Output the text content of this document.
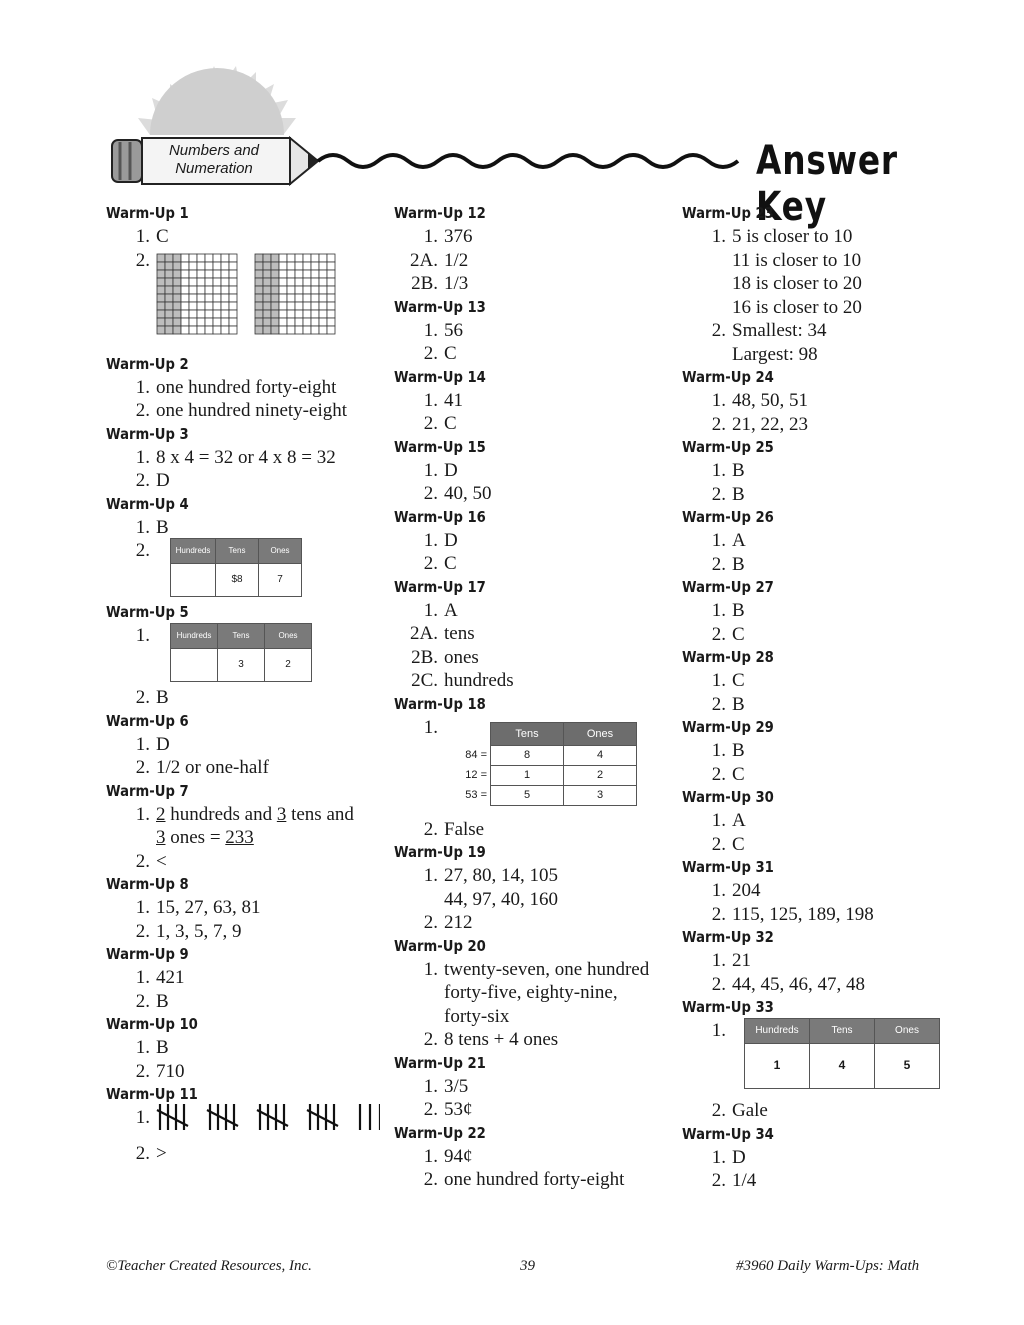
Numbers and
Numeration	Answer Key
Warm-Up 1
1. C
2.
Warm-Up 2
1. one hundred forty-eight
2. one hundred ninety-eight
Warm-Up 3
1. 8 x 4 = 32 or 4 x 8 = 32
2. D
Warm-Up 4
1. B
2.	Hundreds	Tens	Ones
	$8	7
Warm-Up 5
1.	Hundreds	Tens	Ones
	3	2
2. B
Warm-Up 6
1. D
2. 1/2 or one-half
Warm-Up 7
1. 2 hundreds and 3 tens and
3 ones = 233
2. <
Warm-Up 8
1. 15, 27, 63, 81
2. 1, 3, 5, 7, 9
Warm-Up 9
1. 421
2. B
Warm-Up 10
1. B
2. 710
Warm-Up 11
1.
2. >
Warm-Up 12
1. 376
2A. 1/2
2B. 1/3
Warm-Up 13
1. 56
2. C
Warm-Up 14
1. 41
2. C
Warm-Up 15
1. D
2. 40, 50
Warm-Up 16
1. D
2. C
Warm-Up 17
1. A
2A. tens
2B. ones
2C. hundreds
Warm-Up 18
1.
		Tens	Ones
84 =	8	4
12 =	1	2
53 =	5	3
2. False
Warm-Up 19
1. 27, 80, 14, 105
44, 97, 40, 160
2. 212
Warm-Up 20
1. twenty-seven, one hundred
forty-five, eighty-nine,
forty-six
2. 8 tens + 4 ones
Warm-Up 21
1. 3/5
2. 53¢
Warm-Up 22
1. 94¢
2. one hundred forty-eight
Warm-Up 23
1. 5 is closer to 10
11 is closer to 10
18 is closer to 20
16 is closer to 20
2. Smallest: 34
Largest: 98
Warm-Up 24
1. 48, 50, 51
2. 21, 22, 23
Warm-Up 25
1. B
2. B
Warm-Up 26
1. A
2. B
Warm-Up 27
1. B
2. C
Warm-Up 28
1. C
2. B
Warm-Up 29
1. B
2. C
Warm-Up 30
1. A
2. C
Warm-Up 31
1. 204
2. 115, 125, 189, 198
Warm-Up 32
1. 21
2. 44, 45, 46, 47, 48
Warm-Up 33
1.	Hundreds	Tens	Ones
1	4	5
2. Gale
Warm-Up 34
1. D
2. 1/4
©Teacher Created Resources, Inc.	39	#3960 Daily Warm-Ups: Math
